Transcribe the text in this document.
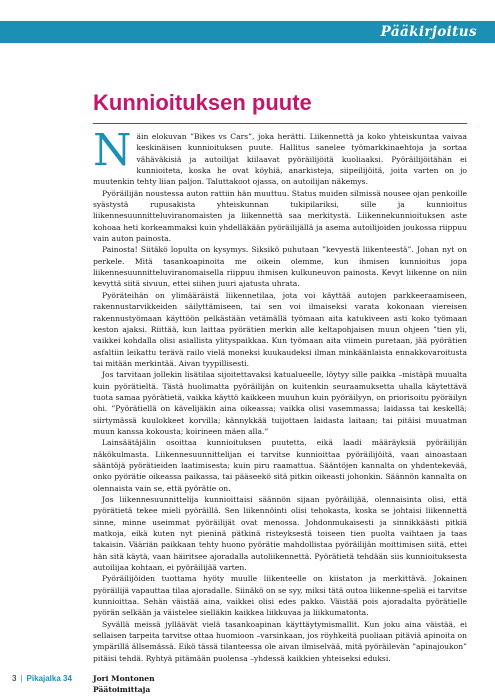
Pääkirjoitus
Kunnioituksen puute

Näin elokuvan ”Bikes vs Cars”, joka herätti. Liikennettä ja koko yhteiskuntaa vaivaa keskinäisen kunnioituksen puute. Hallitus sanelee työmarkkinaehtoja ja sortaa vähäväkisiä ja autoilijat kiilaavat pyöräilijöitä kuoliaaksi. Pyöräilijöitähän ei kunnioiteta, koska he ovat köyhiä, anarkisteja, siipeilijöitä, joita varten on jo muutenkin tehty liian paljon. Taluttakoot ojassa, on autoilijan näkemys.

Pyöräilijän noustessa auton rattiin hän muuttuu. Status muiden silmissä nousee ojan penkoille syästystä rupusakista yhteiskunnan tukipilariksi, sille ja kunnioitus liikennesuunnitteluviranomaisten ja liikennettä saa merkitystä. Liikennekunnioituksen aste kohoaa heti korkeammaksi kuin yhdelläkään pyöräilijällä ja asema autoilijoiden joukossa riippuu vain auton painosta.

Painosta! Siitäkö lopulta on kysymys. Siksikö puhutaan ”kevyestä liikenteestä”. Johan nyt on perkele. Mitä tasankoapinoita me oikein olemme, kun ihmisen kunnioitus jopa liikennesuunnitteluviranomaisella riippuu ihmisen kulkuneuvon painosta. Kevyt liikenne on niin kevyttä siitä sivuun, ettei siihen juuri ajatusta uhrata.

Pyöräteihän on ylimääräistä liikennetilaa, jota voi käyttää autojen parkkeeraamiseen, rakennustarvikkeiden säilyttämiseen, tai sen voi ilmaiseksi varata kokonaan viereisen rakennustyömaan käyttöön pelkästään vetämällä työmaan aita katukiveen asti koko työmaan keston ajaksi. Riittää, kun laittaa pyörätien merkin alle keltapohjaisen muun ohjeen ”tien yli, vaikkei kohdalla olisi asiallista ylityspaikkaa. Kun työmaan aita viimein puretaan, jää pyörätien asfaltiin leikattu terävä railo vielä moneksi kuukaudeksi ilman minkäänlaista ennakkovaroitusta tai mitään merkintää. Aivan tyypillisesti.

Jos tarvitaan jollekin lisätilaa sijoitettavaksi katualueelle, löytyy sille paikka –mistäpä muualta kuin pyörätieltä. Tästä huolimatta pyöräilijän on kuitenkin seuraamuksetta uhalla käytettävä tuota samaa pyörätietä, vaikka käyttö kaikkeen muuhun kuin pyöräilyyn, on priorisoitu pyöräilyn ohi. ”Pyörätiellä on kävelijäkin aina oikeassa; vaikka olisi vasemmassa; laidassa tai keskellä; siirtymässä kuulokkeet korvilla; kännykkää tuijottaen laidasta laitaan; tai pitäisi muuatman muun kanssa kokousta; koirineen mäen alla.”

Lainsäätäjälin osoittaa kunnioituksen puutetta, eikä laadi määräyksiä pyöräilijän näkökulmasta. Liikennesuunnittelijan ei tarvitse kunnioittaa pyöräilijöitä, vaan ainoastaan sääntöjä pyörätieiden laatimisesta; kuin piru raamattua. Sääntöjen kannalta on yhdentekevää, onko pyörätie oikeassa paikassa, tai pääseekö sitä pitkin oikeasti johonkin. Säännön kannalta on olennaista vain se, että pyörätie on.

Jos liikennesuunnittelija kunnioittaisi säännön sijaan pyöräilijää, olennaisinta olisi, että pyörätietä tekee mieli pyöräillä. Sen liikennöinti olisi tehokasta, koska se johtaisi liikennettä sinne, minne useimmat pyöräilijät ovat menossa. Johdonmukaisesti ja sinnikkäästi pitkiä matkoja, eikä kuten nyt pieninä pätkinä risteyksestä toiseen tien puolta vaihtaen ja taas takaisin. Vääriän paikkaan tehty huono pyörätie mahdollistaa pyöräilijän moittimisen siitä, ettei hän sitä käytä, vaan häiritsee ajoradalla autoliikennettä. Pyörätietä tehdään siis kunnioituksesta autoilijaa kohtaan, ei pyöräilijää varten.

Pyöräilijöiden tuottama hyöty muulle liikenteelle on kiistaton ja merkittävä. Jokainen pyöräilijä vapauttaa tilaa ajoradalle. Siinäkö on se syy, miksi tätä outoa liikenne-speliä ei tarvitse kunnioittaa. Sehän väistää aina, vaikkei olisi edes pakko. Väistää pois ajoradalta pyörätielle pyörän selkään ja väistelee sielläkin kaikkea liikkuvaa ja liikkumatonta.

Syvällä meissä jylläävät vielä tasankoapinan käyttäytymismallit. Kun joku aina väistää, ei sellaisen tarpeita tarvitse ottaa huomioon –varsinkaan, jos röyhkeitä puoliaan pitäviä apinoita on ympärillä ällsemässä. Eikö tässä tilanteessa ole aivan ilmiselvää, mitä pyöräilevän ”apinajoukon” pitäisi tehdä. Ryhtyä pitämään puolensa –yhdessä kaikkien yhteiseksi eduksi.

Jori Montonen
Päätoimittaja
3 | Pikajalka 34
